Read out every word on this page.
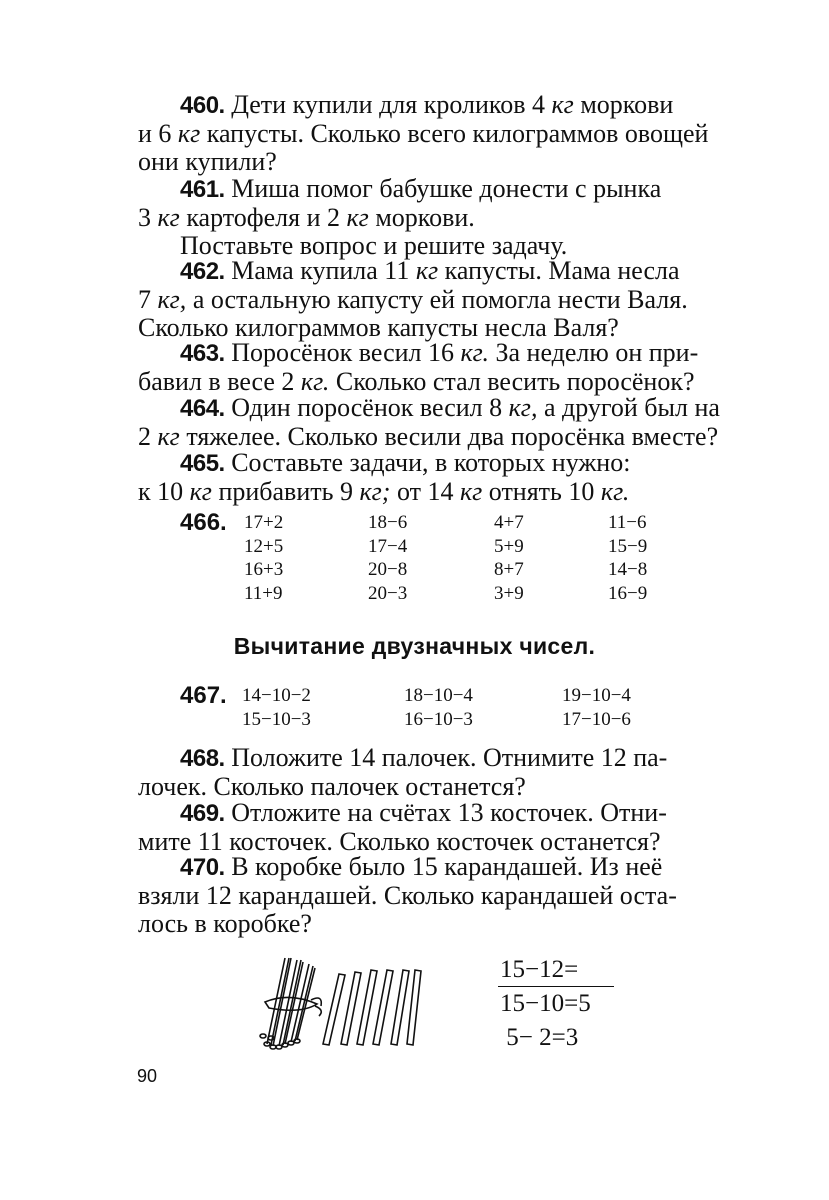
460. Дети купили для кроликов 4 кг моркови
и 6 кг капусты. Сколько всего килограммов овощей
они купили?
461. Миша помог бабушке донести с рынка
3 кг картофеля и 2 кг моркови.
Поставьте вопрос и решите задачу.
462. Мама купила 11 кг капусты. Мама несла
7 кг, а остальную капусту ей помогла нести Валя.
Сколько килограммов капусты несла Валя?
463. Поросёнок весил 16 кг. За неделю он при-
бавил в весе 2 кг. Сколько стал весить поросёнок?
464. Один поросёнок весил 8 кг, а другой был на
2 кг тяжелее. Сколько весили два поросёнка вместе?
465. Составьте задачи, в которых нужно:
к 10 кг прибавить 9 кг; от 14 кг отнять 10 кг.
466. 17+2
12+5
16+3
11+9
18−6
17−4
20−8
20−3
4+7
5+9
8+7
3+9
11−6
15−9
14−8
16−9
Вычитание двузначных чисел.
467. 14−10−2
15−10−3
18−10−4
16−10−3
19−10−4
17−10−6
468. Положите 14 палочек. Отнимите 12 па-
лочек. Сколько палочек останется?
469. Отложите на счётах 13 косточек. Отни-
мите 11 косточек. Сколько косточек останется?
470. В коробке было 15 карандашей. Из неё
взяли 12 карандашей. Сколько карандашей оста-
лось в коробке?
15−12=
15−10=5
5− 2=3
90
